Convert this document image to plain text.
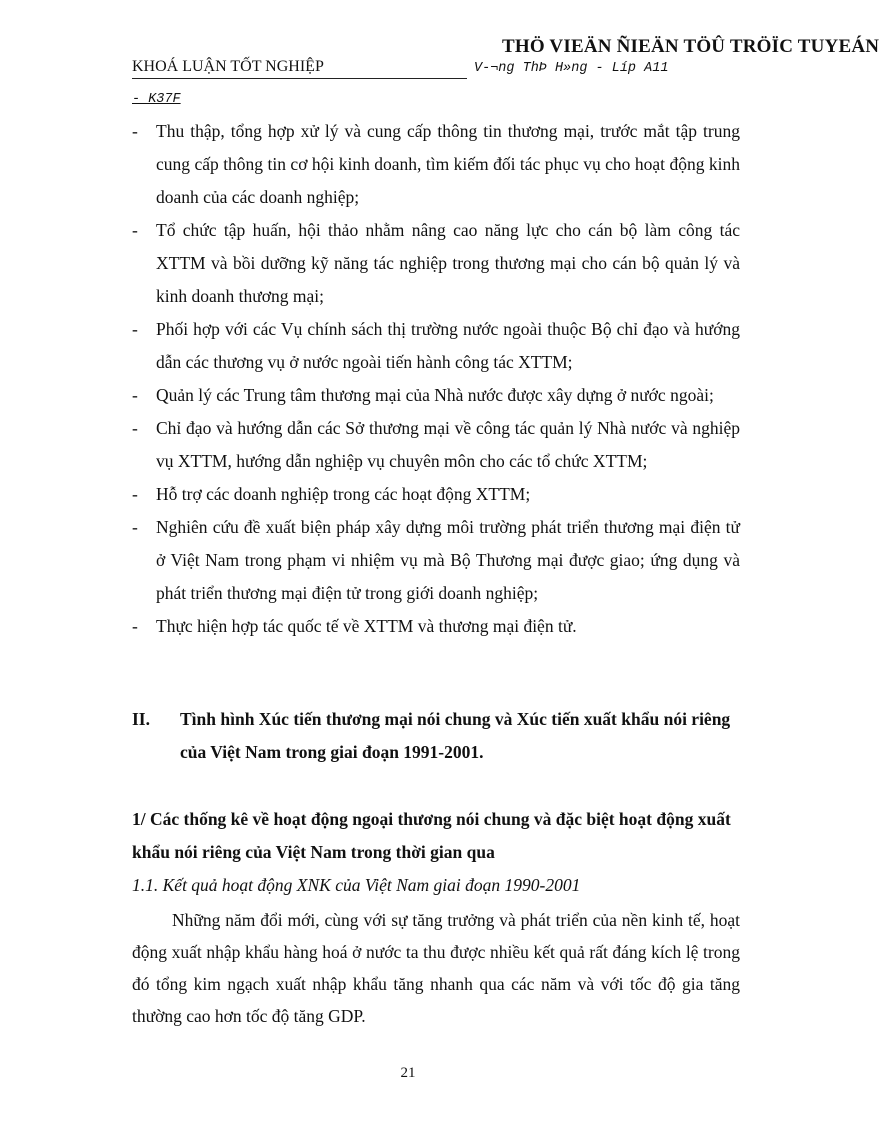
THÖ VIEÄN ÑIEÄN TÖÛ TRÖÏC TUYEÁN
KHOÁ LUẬN TỐT NGHIỆP	V-¬ng ThÞ H»ng - Líp A11
- K37F
- Thu thập, tổng hợp xử lý và cung cấp thông tin thương mại, trước mắt tập trung cung cấp thông tin cơ hội kinh doanh, tìm kiếm đối tác phục vụ cho hoạt động kinh doanh của các doanh nghiệp;
- Tổ chức tập huấn, hội thảo nhằm nâng cao năng lực cho cán bộ làm công tác XTTM và bồi dưỡng kỹ năng tác nghiệp trong thương mại cho cán bộ quản lý và kinh doanh thương mại;
- Phối hợp với các Vụ chính sách thị trường nước ngoài thuộc Bộ chỉ đạo và hướng dẫn các thương vụ ở nước ngoài tiến hành công tác XTTM;
- Quản lý các Trung tâm thương mại của Nhà nước được xây dựng ở nước ngoài;
- Chỉ đạo và hướng dẫn các Sở thương mại về công tác quản lý Nhà nước và nghiệp vụ XTTM, hướng dẫn nghiệp vụ chuyên môn cho các tổ chức XTTM;
- Hỗ trợ các doanh nghiệp trong các hoạt động XTTM;
- Nghiên cứu đề xuất biện pháp xây dựng môi trường phát triển thương mại điện tử ở Việt Nam trong phạm vi nhiệm vụ mà Bộ Thương mại được giao; ứng dụng và phát triển thương mại điện tử trong giới doanh nghiệp;
- Thực hiện hợp tác quốc tế về XTTM và thương mại điện tử.
II. Tình hình Xúc tiến thương mại nói chung và Xúc tiến xuất khẩu nói riêng của Việt Nam trong giai đoạn 1991-2001.
1/ Các thống kê về hoạt động ngoại thương nói chung và đặc biệt hoạt động xuất khẩu nói riêng của Việt Nam trong thời gian qua
1.1. Kết quả hoạt động XNK của Việt Nam giai đoạn 1990-2001
Những năm đổi mới, cùng với sự tăng trưởng và phát triển của nền kinh tế, hoạt động xuất nhập khẩu hàng hoá ở nước ta thu được nhiều kết quả rất đáng kích lệ trong đó tổng kim ngạch xuất nhập khẩu tăng nhanh qua các năm và với tốc độ gia tăng thường cao hơn tốc độ tăng GDP.
21
